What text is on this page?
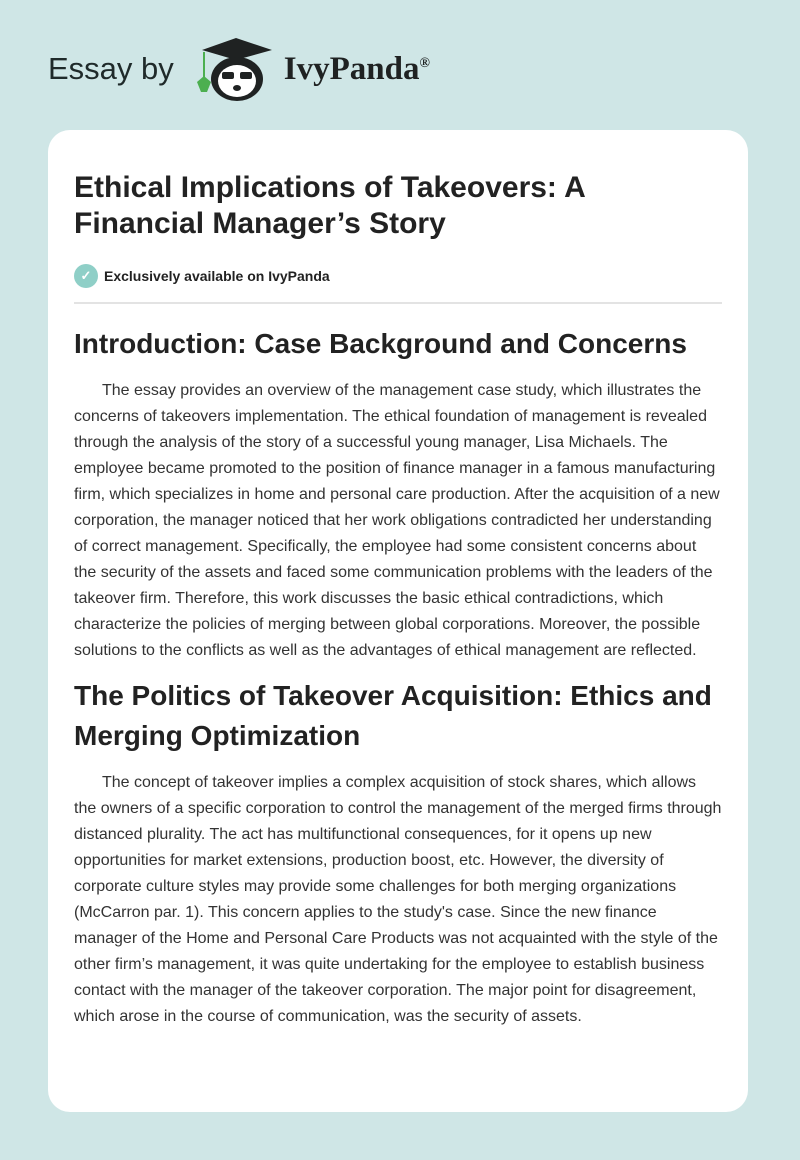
Essay by	IvyPanda®
Ethical Implications of Takeovers: A Financial Manager’s Story
✓ Exclusively available on IvyPanda
Introduction: Case Background and Concerns

The essay provides an overview of the management case study, which illustrates the concerns of takeovers implementation. The ethical foundation of management is revealed through the analysis of the story of a successful young manager, Lisa Michaels. The employee became promoted to the position of finance manager in a famous manufacturing firm, which specializes in home and personal care production. After the acquisition of a new corporation, the manager noticed that her work obligations contradicted her understanding of correct management. Specifically, the employee had some consistent concerns about the security of the assets and faced some communication problems with the leaders of the takeover firm. Therefore, this work discusses the basic ethical contradictions, which characterize the policies of merging between global corporations. Moreover, the possible solutions to the conflicts as well as the advantages of ethical management are reflected.

The Politics of Takeover Acquisition: Ethics and Merging Optimization

The concept of takeover implies a complex acquisition of stock shares, which allows the owners of a specific corporation to control the management of the merged firms through distanced plurality. The act has multifunctional consequences, for it opens up new opportunities for market extensions, production boost, etc. However, the diversity of corporate culture styles may provide some challenges for both merging organizations (McCarron par. 1). This concern applies to the study's case. Since the new finance manager of the Home and Personal Care Products was not acquainted with the style of the other firm’s management, it was quite undertaking for the employee to establish business contact with the manager of the takeover corporation. The major point for disagreement, which arose in the course of communication, was the security of assets.
